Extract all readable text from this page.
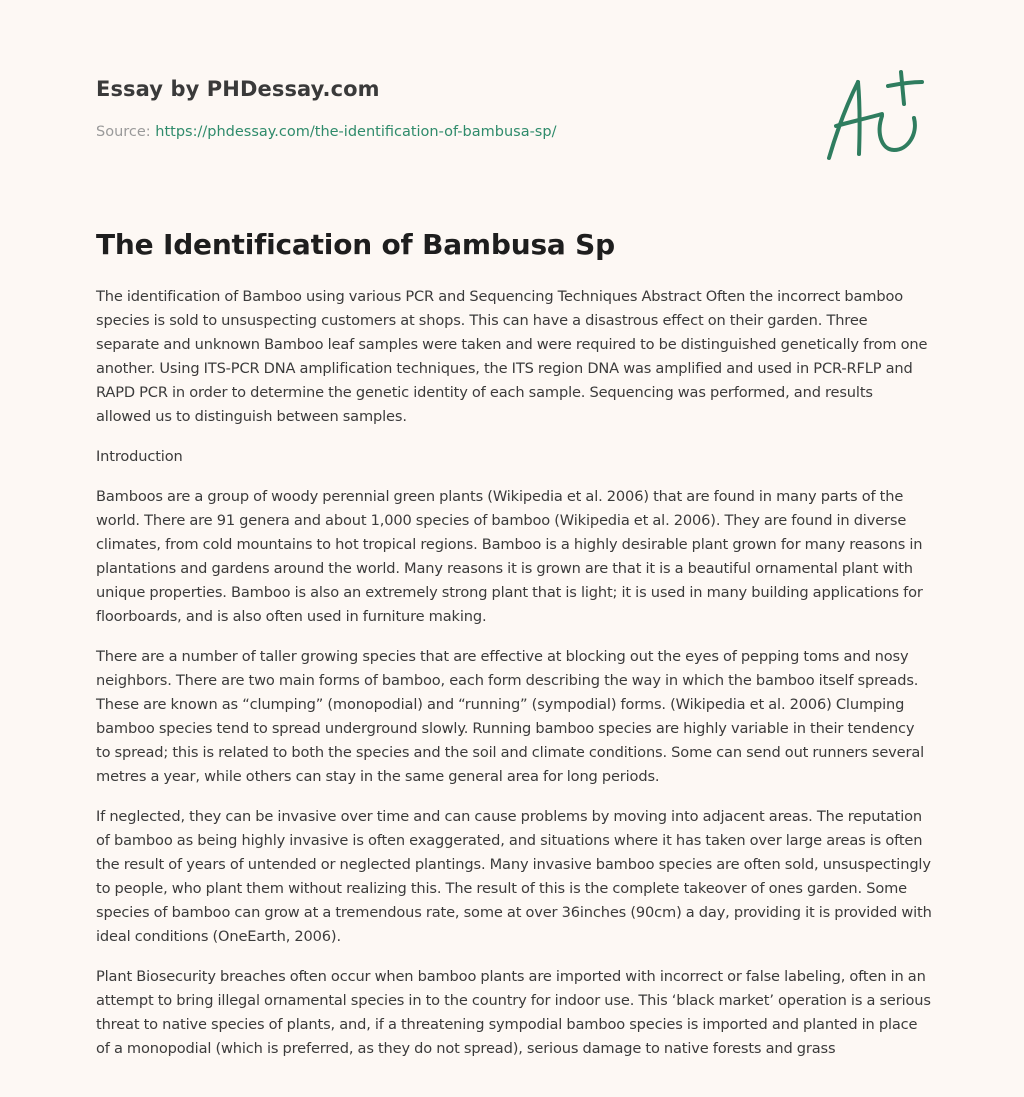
Essay by PHDessay.com
Source: https://phdessay.com/the-identification-of-bambusa-sp/
The Identification of Bambusa Sp

The identification of Bamboo using various PCR and Sequencing Techniques Abstract Often the incorrect bamboo species is sold to unsuspecting customers at shops. This can have a disastrous effect on their garden. Three separate and unknown Bamboo leaf samples were taken and were required to be distinguished genetically from one another. Using ITS-PCR DNA amplification techniques, the ITS region DNA was amplified and used in PCR-RFLP and RAPD PCR in order to determine the genetic identity of each sample. Sequencing was performed, and results allowed us to distinguish between samples.

Introduction

Bamboos are a group of woody perennial green plants (Wikipedia et al. 2006) that are found in many parts of the world. There are 91 genera and about 1,000 species of bamboo (Wikipedia et al. 2006). They are found in diverse climates, from cold mountains to hot tropical regions. Bamboo is a highly desirable plant grown for many reasons in plantations and gardens around the world. Many reasons it is grown are that it is a beautiful ornamental plant with unique properties. Bamboo is also an extremely strong plant that is light; it is used in many building applications for floorboards, and is also often used in furniture making.

There are a number of taller growing species that are effective at blocking out the eyes of pepping toms and nosy neighbors. There are two main forms of bamboo, each form describing the way in which the bamboo itself spreads. These are known as “clumping” (monopodial) and “running” (sympodial) forms. (Wikipedia et al. 2006) Clumping bamboo species tend to spread underground slowly. Running bamboo species are highly variable in their tendency to spread; this is related to both the species and the soil and climate conditions. Some can send out runners several metres a year, while others can stay in the same general area for long periods.

If neglected, they can be invasive over time and can cause problems by moving into adjacent areas. The reputation of bamboo as being highly invasive is often exaggerated, and situations where it has taken over large areas is often the result of years of untended or neglected plantings. Many invasive bamboo species are often sold, unsuspectingly to people, who plant them without realizing this. The result of this is the complete takeover of ones garden. Some species of bamboo can grow at a tremendous rate, some at over 36inches (90cm) a day, providing it is provided with ideal conditions (OneEarth, 2006).

Plant Biosecurity breaches often occur when bamboo plants are imported with incorrect or false labeling, often in an attempt to bring illegal ornamental species in to the country for indoor use. This ‘black market’ operation is a serious threat to native species of plants, and, if a threatening sympodial bamboo species is imported and planted in place of a monopodial (which is preferred, as they do not spread), serious damage to native forests and grass
